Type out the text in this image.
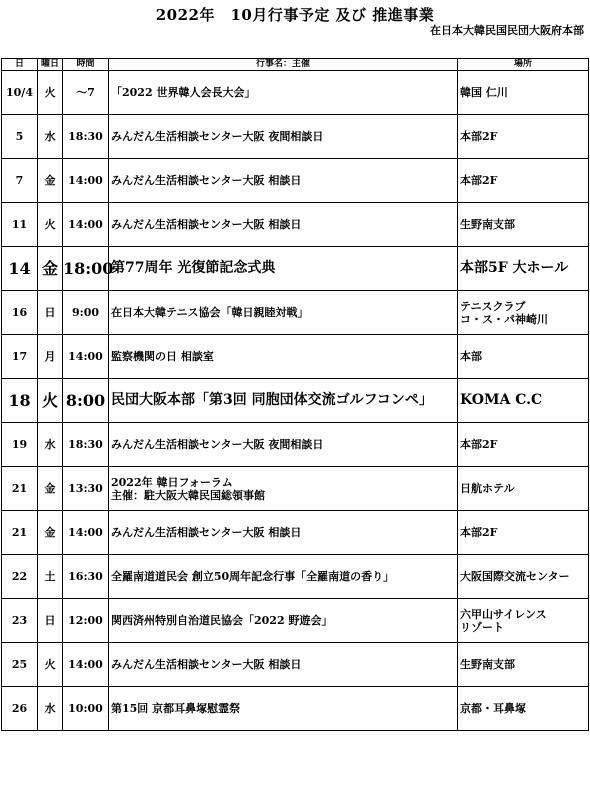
2022年　10月行事予定 及び 推進事業
在日本大韓民国民団大阪府本部
日	曜日	時間	行事名：主催	場所
10/4	火	～7	「2022 世界韓人会長大会」	韓国 仁川
5	水	18:30	みんだん生活相談センター大阪 夜間相談日	本部2F
7	金	14:00	みんだん生活相談センター大阪 相談日	本部2F
11	火	14:00	みんだん生活相談センター大阪 相談日	生野南支部
14	金	18:00	第77周年 光復節記念式典	本部5F 大ホール
16	日	9:00	在日本大韓テニス協会「韓日親睦対戦」	テニスクラブ
コ・ス・パ神崎川
17	月	14:00	監察機関の日 相談室	本部
18	火	8:00	民団大阪本部「第3回 同胞団体交流ゴルフコンペ」	KOMA C.C
19	水	18:30	みんだん生活相談センター大阪 夜間相談日	本部2F
21	金	13:30	2022年 韓日フォーラム
主催：駐大阪大韓民国総領事館	日航ホテル
21	金	14:00	みんだん生活相談センター大阪 相談日	本部2F
22	土	16:30	全羅南道道民会 創立50周年記念行事「全羅南道の香り」	大阪国際交流センター
23	日	12:00	関西済州特別自治道民協会「2022 野遊会」	六甲山サイレンス
リゾート
25	火	14:00	みんだん生活相談センター大阪 相談日	生野南支部
26	水	10:00	第15回 京都耳鼻塚慰霊祭	京都・耳鼻塚
